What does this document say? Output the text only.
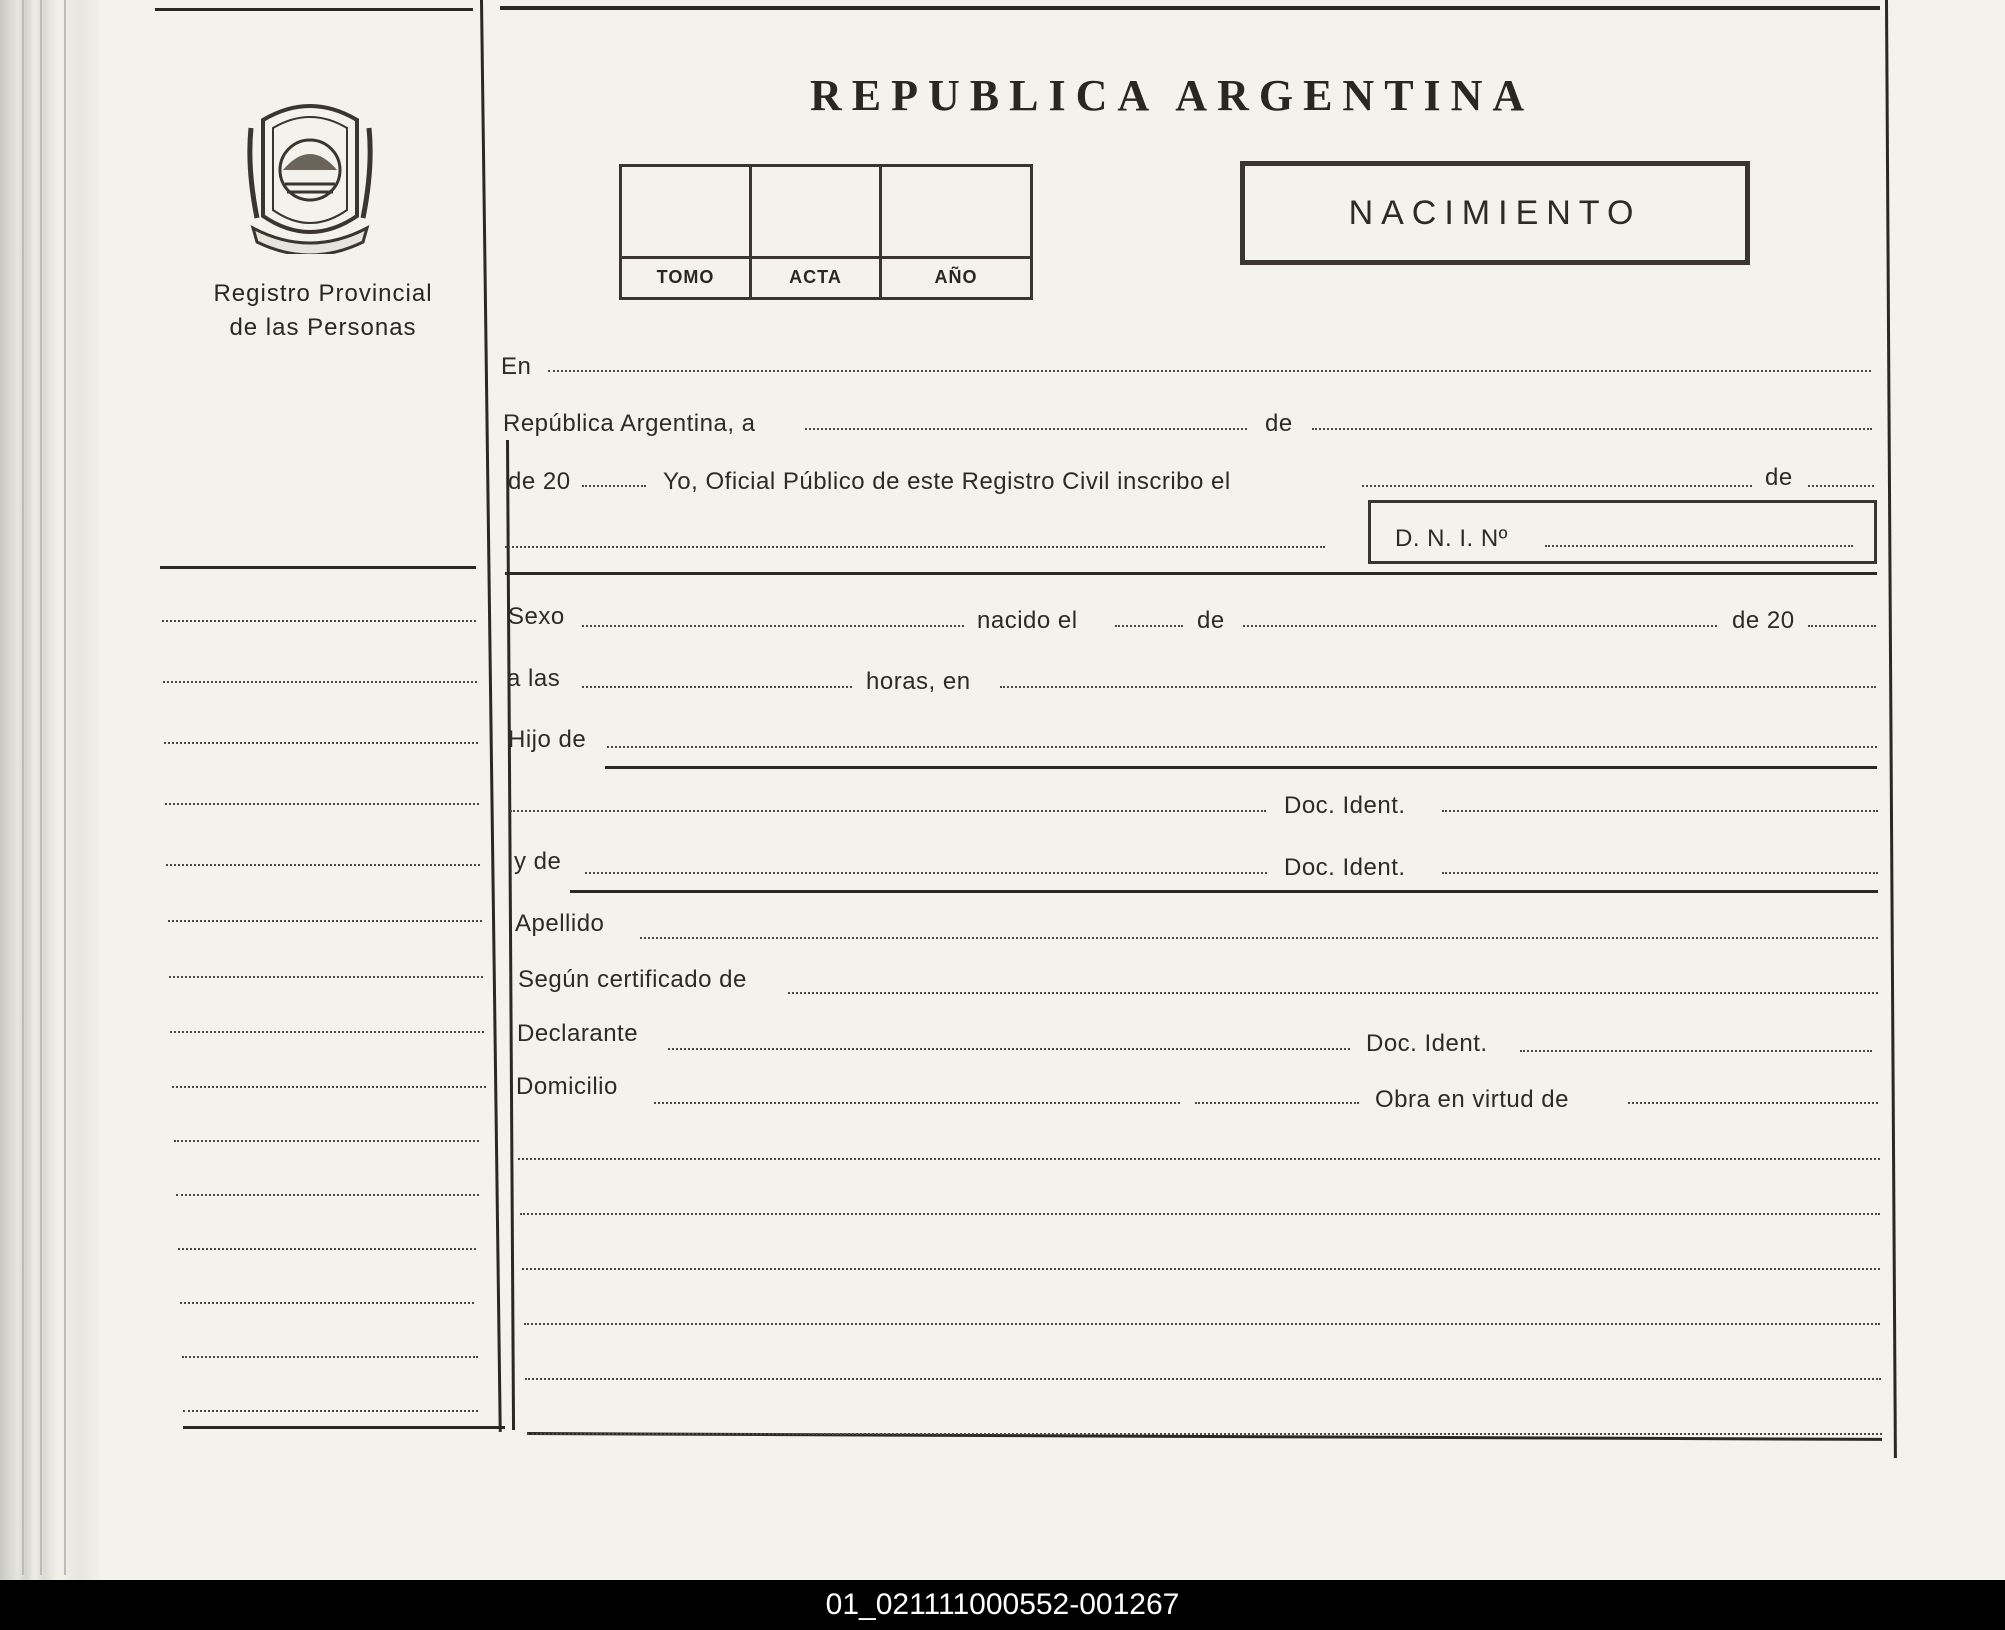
REPUBLICA ARGENTINA
Registro Provincial
de las Personas
TOMO	ACTA	AÑO
NACIMIENTO
En
República Argentina, a	de
de 20	Yo, Oficial Público de este Registro Civil inscribo el	de
D. N. I. Nº
Sexo	nacido el	de	de 20
a las	horas, en
Hijo de
Doc. Ident.
y de	Doc. Ident.
Apellido
Según certificado de
Declarante	Doc. Ident.
Domicilio	Obra en virtud de
01_021111000552-001267
